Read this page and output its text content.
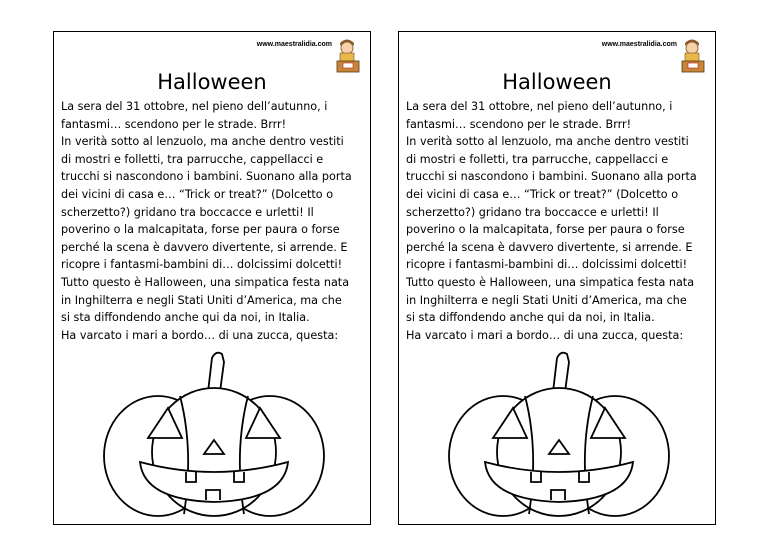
www.maestralidia.com
Halloween
La sera del 31 ottobre, nel pieno dell’autunno, i
fantasmi… scendono per le strade. Brrr!
In verità sotto al lenzuolo, ma anche dentro vestiti
di mostri e folletti, tra parrucche, cappellacci e
trucchi si nascondono i bambini. Suonano alla porta
dei vicini di casa e… “Trick or treat?” (Dolcetto o
scherzetto?) gridano tra boccacce e urletti! Il
poverino o la malcapitata, forse per paura o forse
perché la scena è davvero divertente, si arrende. E
ricopre i fantasmi-bambini di… dolcissimi dolcetti!
Tutto questo è Halloween, una simpatica festa nata
in Inghilterra e negli Stati Uniti d’America, ma che
si sta diffondendo anche qui da noi, in Italia.
Ha varcato i mari a bordo… di una zucca, questa:
www.maestralidia.com
Halloween
La sera del 31 ottobre, nel pieno dell’autunno, i
fantasmi… scendono per le strade. Brrr!
In verità sotto al lenzuolo, ma anche dentro vestiti
di mostri e folletti, tra parrucche, cappellacci e
trucchi si nascondono i bambini. Suonano alla porta
dei vicini di casa e… “Trick or treat?” (Dolcetto o
scherzetto?) gridano tra boccacce e urletti! Il
poverino o la malcapitata, forse per paura o forse
perché la scena è davvero divertente, si arrende. E
ricopre i fantasmi-bambini di… dolcissimi dolcetti!
Tutto questo è Halloween, una simpatica festa nata
in Inghilterra e negli Stati Uniti d’America, ma che
si sta diffondendo anche qui da noi, in Italia.
Ha varcato i mari a bordo… di una zucca, questa:
